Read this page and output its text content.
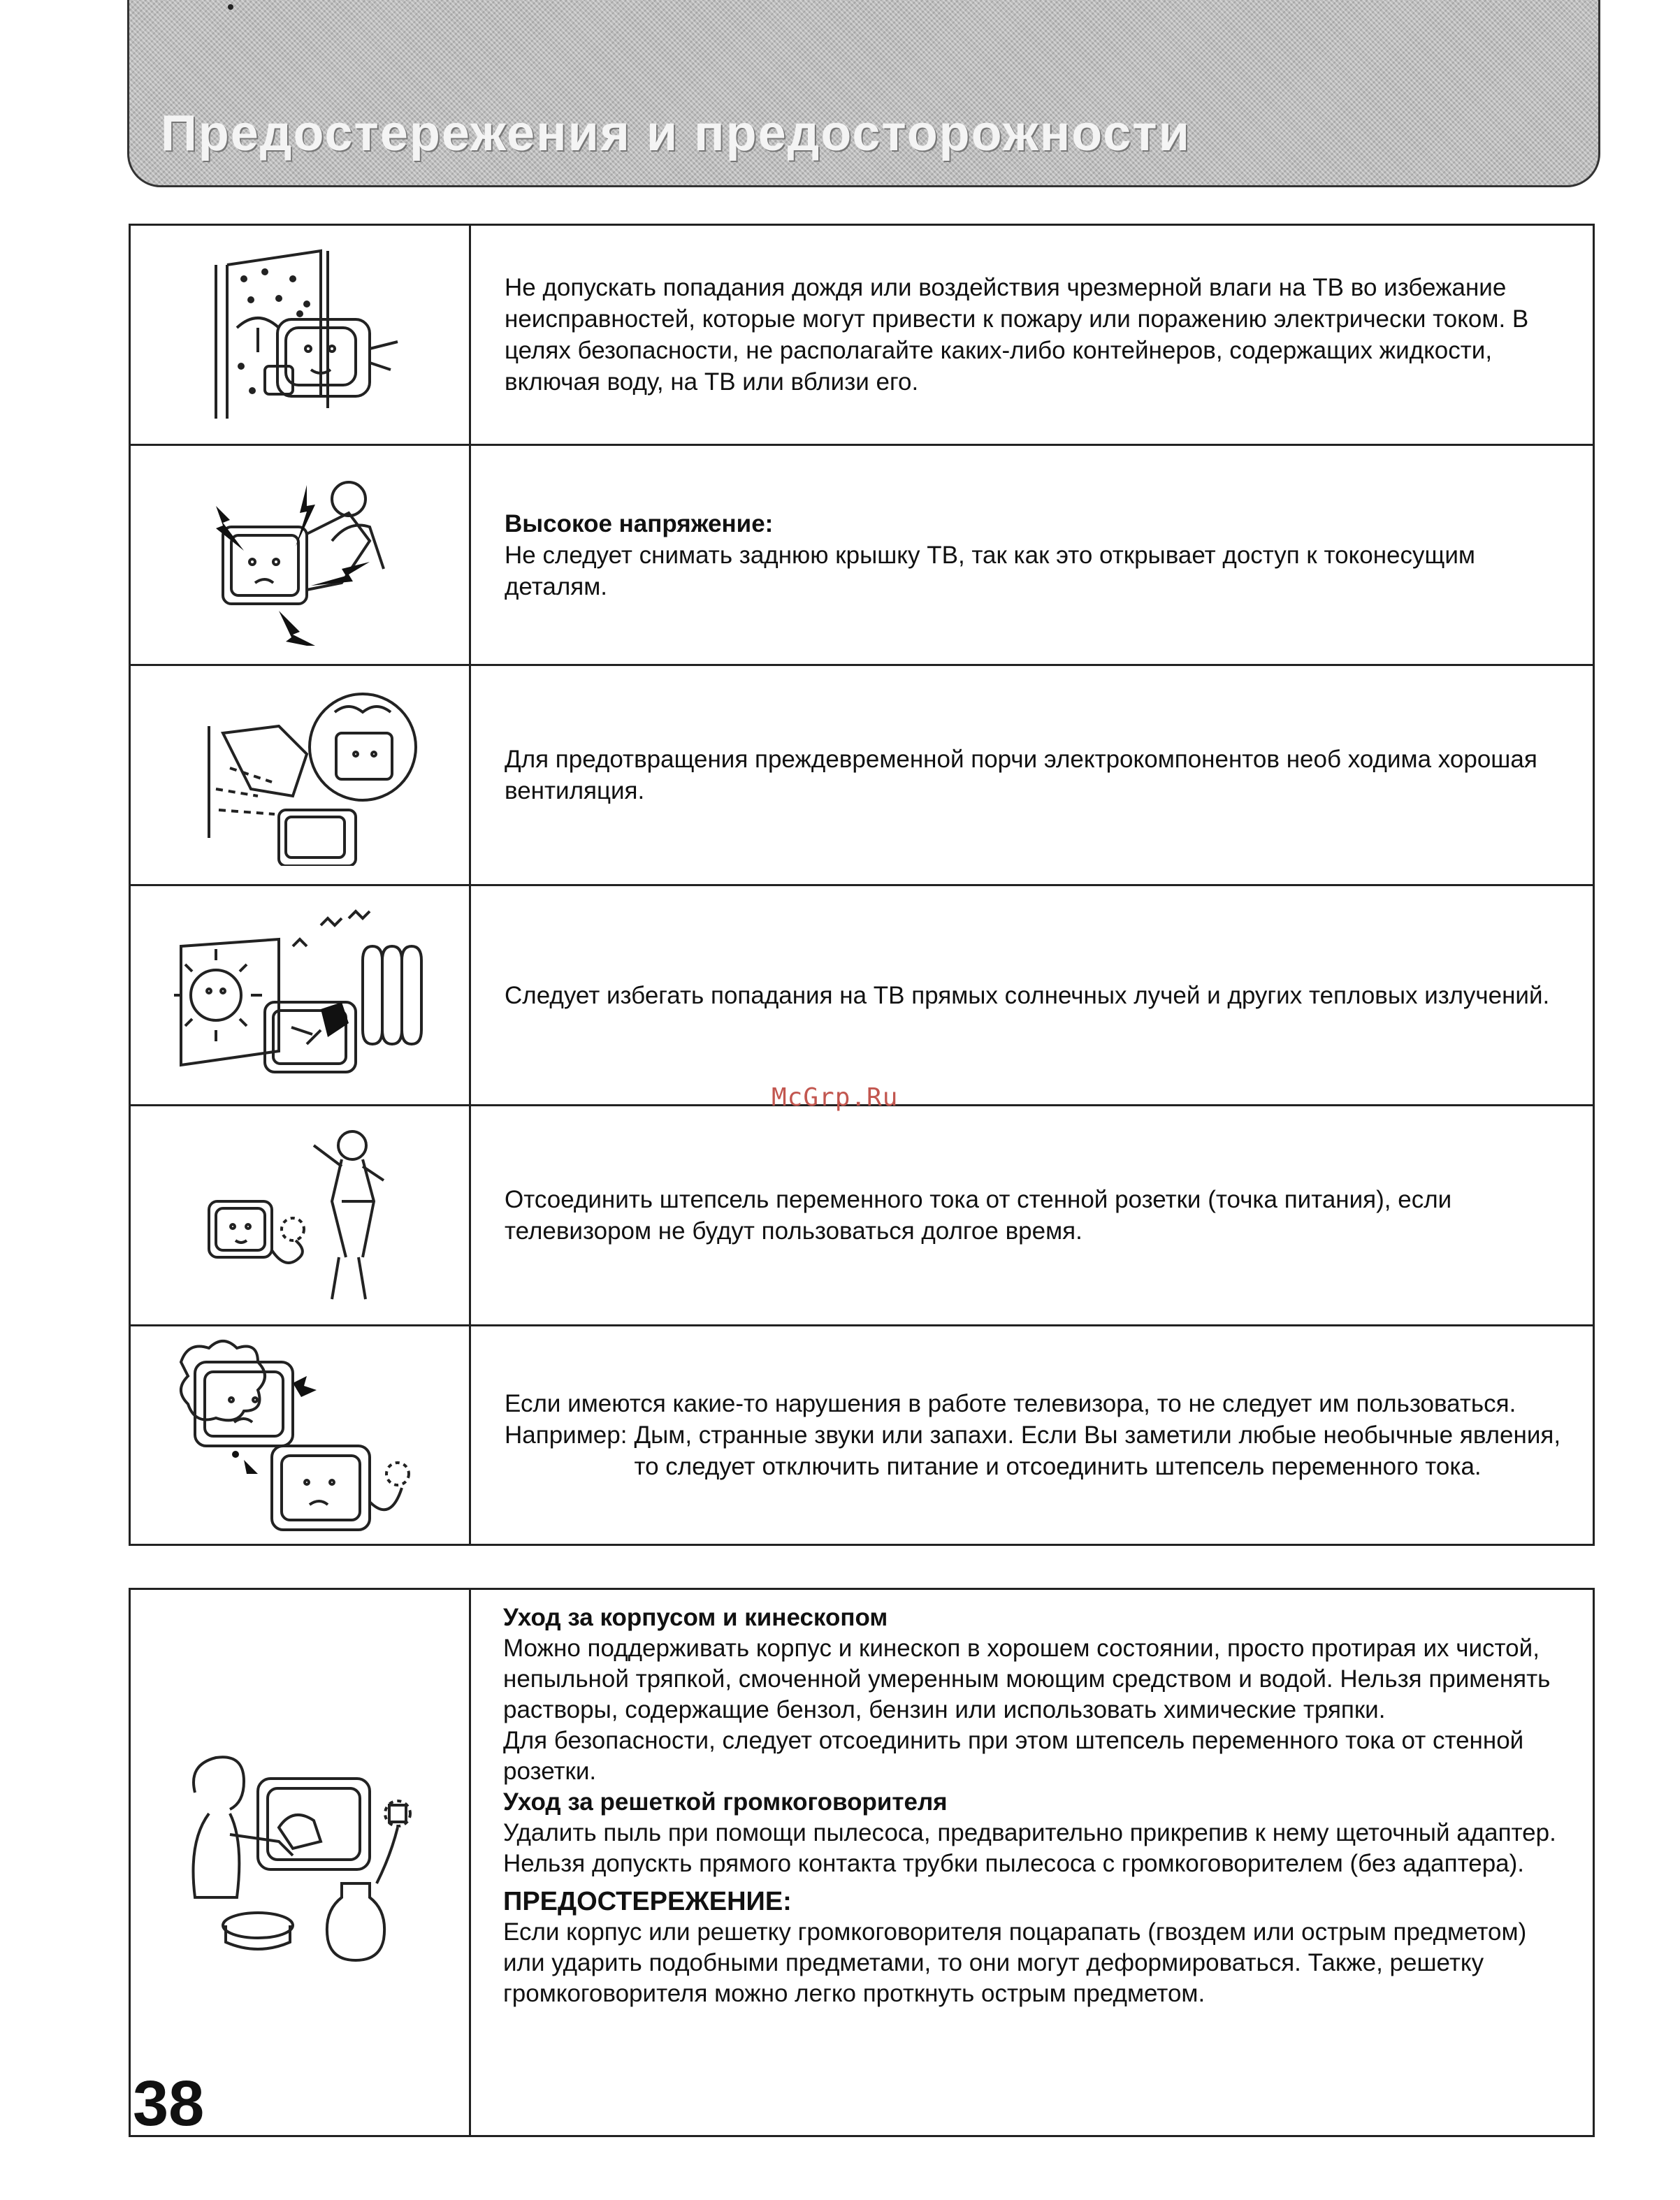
Предостережения и предосторожности

Не допускать попадания дождя или воздействия чрезмерной влаги на ТВ во избежание неисправностей, которые могут привести к пожару или поражению электрически током. В целях безопасности, не располагайте каких-либо контейнеров, содержащих жидкости, включая воду, на ТВ или вблизи его.

Высокое напряжение:
Не следует снимать заднюю крышку ТВ, так как это открывает доступ к токонесущим деталям.

Для предотвращения преждевременной порчи электрокомпонентов необ ходима хорошая вентиляция.

Следует избегать попадания на ТВ прямых солнечных лучей и других тепловых излучений.

Отсоединить штепсель переменного тока от стенной розетки (точка питания), если телевизором не будут пользоваться долгое время.

Если имеются какие-то нарушения в работе телевизора, то не следует им пользоваться.
Например: Дым, странные звуки или запахи. Если Вы заметили любые необычные явления, то следует отключить питание и отсоединить штепсель переменного тока.
McGrp.Ru

Уход за корпусом и кинескопом
Можно поддерживать корпус и кинескоп в хорошем состоянии, просто протирая их чистой, непыльной тряпкой, смоченной умеренным моющим средством и водой. Нельзя применять растворы, содержащие бензол, бензин или использовать химические тряпки.
Для безопасности, следует отсоединить при этом штепсель переменного тока от стенной розетки.
Уход за решеткой громкоговорителя
Удалить пыль при помощи пылесоса, предварительно прикрепив к нему щеточный адаптер. Нельзя допускть прямого контакта трубки пылесоса с громкоговорителем (без адаптера).
ПРЕДОСТЕРЕЖЕНИЕ:
Если корпус или решетку громкоговорителя поцарапать (гвоздем или острым предметом) или ударить подобными предметами, то они могут деформироваться. Также, решетку громкоговорителя можно легко проткнуть острым предметом.
38
